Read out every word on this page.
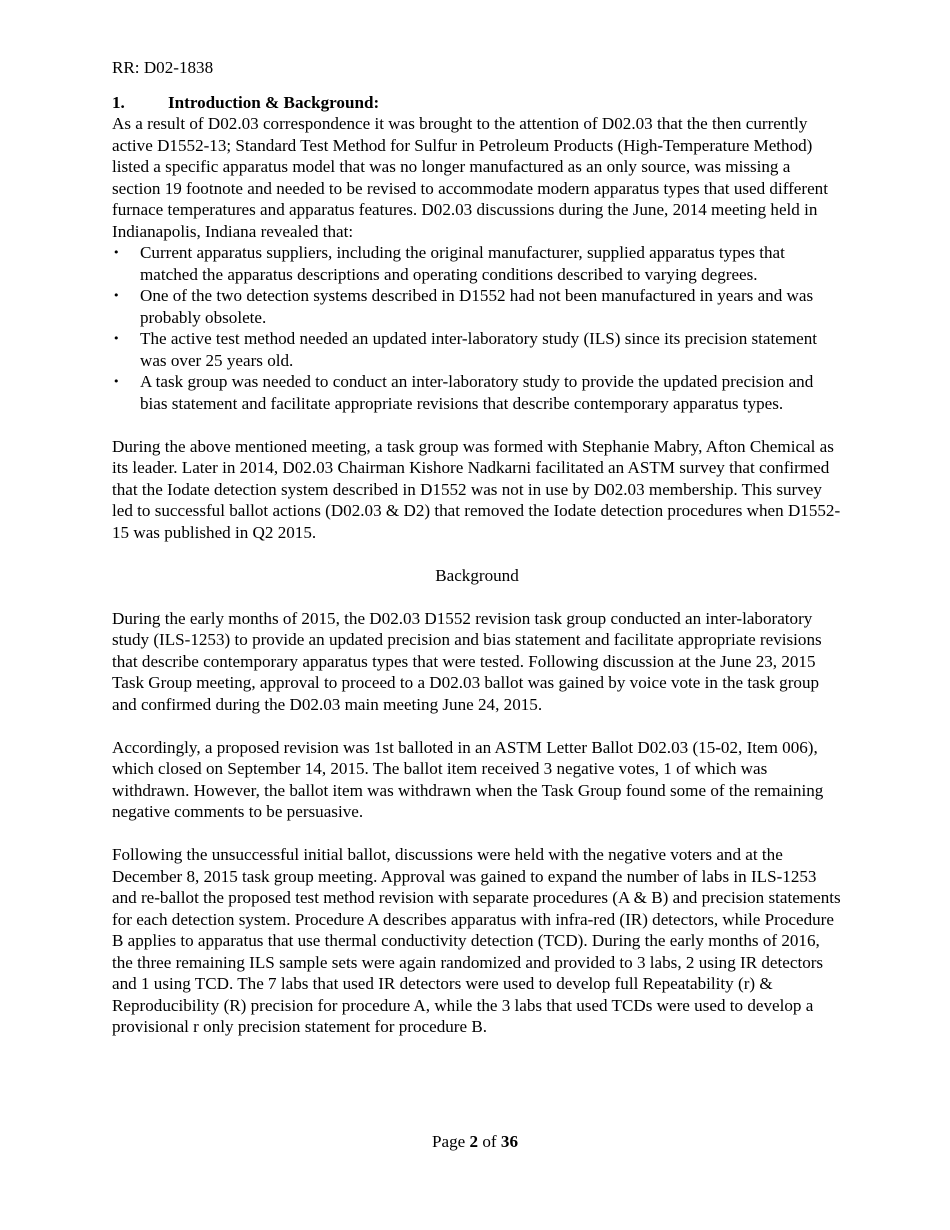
RR: D02-1838

1.	Introduction & Background:

As a result of D02.03 correspondence it was brought to the attention of D02.03 that the then currently active D1552-13; Standard Test Method for Sulfur in Petroleum Products (High-Temperature Method) listed a specific apparatus model that was no longer manufactured as an only source, was missing a section 19 footnote and needed to be revised to accommodate modern apparatus types that used different furnace temperatures and apparatus features. D02.03 discussions during the June, 2014 meeting held in Indianapolis, Indiana revealed that:

• Current apparatus suppliers, including the original manufacturer, supplied apparatus types that matched the apparatus descriptions and operating conditions described to varying degrees.
• One of the two detection systems described in D1552 had not been manufactured in years and was probably obsolete.
• The active test method needed an updated inter-laboratory study (ILS) since its precision statement was over 25 years old.
• A task group was needed to conduct an inter-laboratory study to provide the updated precision and bias statement and facilitate appropriate revisions that describe contemporary apparatus types.

During the above mentioned meeting, a task group was formed with Stephanie Mabry, Afton Chemical as its leader. Later in 2014, D02.03 Chairman Kishore Nadkarni facilitated an ASTM survey that confirmed that the Iodate detection system described in D1552 was not in use by D02.03 membership. This survey led to successful ballot actions (D02.03 & D2) that removed the Iodate detection procedures when D1552-15 was published in Q2 2015.

Background

During the early months of 2015, the D02.03 D1552 revision task group conducted an inter-laboratory study (ILS-1253) to provide an updated precision and bias statement and facilitate appropriate revisions that describe contemporary apparatus types that were tested. Following discussion at the June 23, 2015 Task Group meeting, approval to proceed to a D02.03 ballot was gained by voice vote in the task group and confirmed during the D02.03 main meeting June 24, 2015.

Accordingly, a proposed revision was 1st balloted in an ASTM Letter Ballot D02.03 (15-02, Item 006), which closed on September 14, 2015. The ballot item received 3 negative votes, 1 of which was withdrawn. However, the ballot item was withdrawn when the Task Group found some of the remaining negative comments to be persuasive.

Following the unsuccessful initial ballot, discussions were held with the negative voters and at the December 8, 2015 task group meeting. Approval was gained to expand the number of labs in ILS-1253 and re-ballot the proposed test method revision with separate procedures (A & B) and precision statements for each detection system. Procedure A describes apparatus with infra-red (IR) detectors, while Procedure B applies to apparatus that use thermal conductivity detection (TCD). During the early months of 2016, the three remaining ILS sample sets were again randomized and provided to 3 labs, 2 using IR detectors and 1 using TCD. The 7 labs that used IR detectors were used to develop full Repeatability (r) & Reproducibility (R) precision for procedure A, while the 3 labs that used TCDs were used to develop a provisional r only precision statement for procedure B.

Page 2 of 36
